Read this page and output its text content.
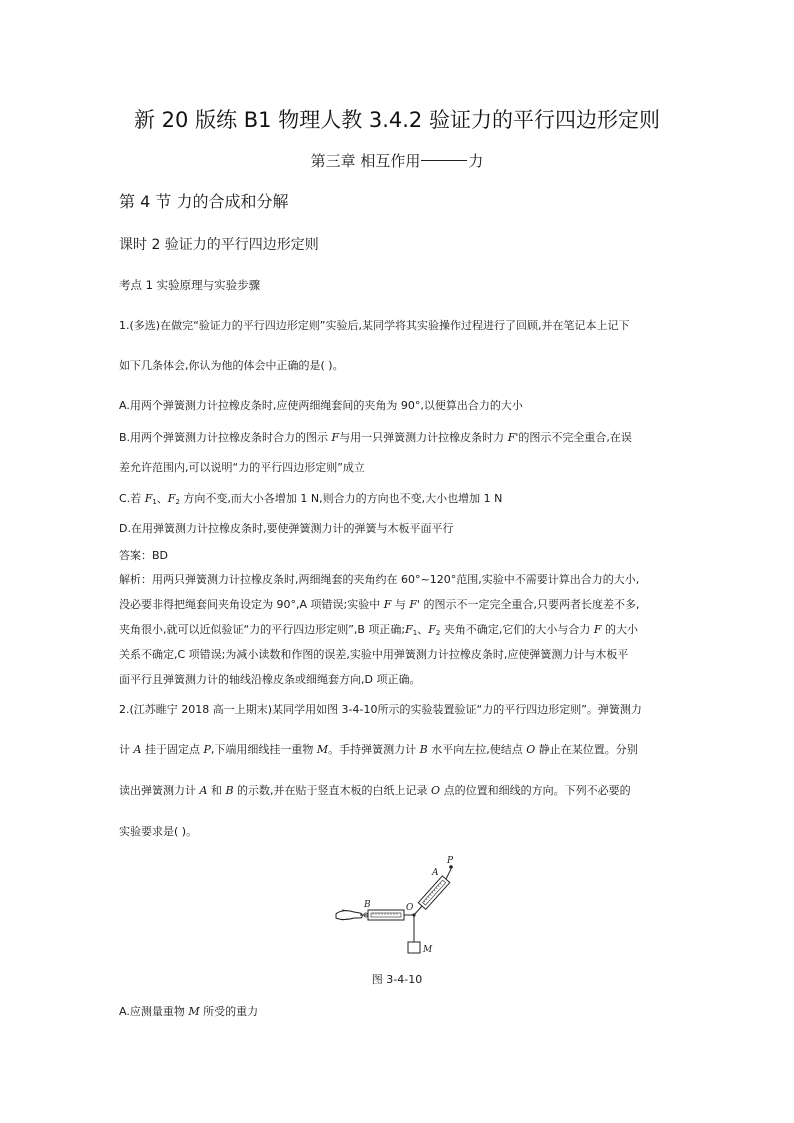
新 20 版练 B1 物理人教 3.4.2 验证力的平行四边形定则
第三章 相互作用	力
第 4 节 力的合成和分解
课时 2 验证力的平行四边形定则
考点 1 实验原理与实验步骤
1.(多选)在做完“验证力的平行四边形定则”实验后,某同学将其实验操作过程进行了回顾,并在笔记本上记下
如下几条体会,你认为他的体会中正确的是( )。
A.用两个弹簧测力计拉橡皮条时,应使两细绳套间的夹角为 90°,以便算出合力的大小
B.用两个弹簧测力计拉橡皮条时合力的图示 F与用一只弹簧测力计拉橡皮条时力 F'的图示不完全重合,在误
差允许范围内,可以说明“力的平行四边形定则”成立
C.若 $F_1$、$F_2$ 方向不变,而大小各增加 1 N,则合力的方向也不变,大小也增加 1 N
D.在用弹簧测力计拉橡皮条时,要使弹簧测力计的弹簧与木板平面平行
答案：BD
解析：用两只弹簧测力计拉橡皮条时,两细绳套的夹角约在 60°~120°范围,实验中不需要计算出合力的大小,
没必要非得把绳套间夹角设定为 90°,A 项错误;实验中 F 与 F' 的图示不一定完全重合,只要两者长度差不多,
夹角很小,就可以近似验证“力的平行四边形定则”,B 项正确$;F_1$、$F_2$ 夹角不确定,它们的大小与合力 F 的大小
关系不确定,C 项错误;为减小读数和作图的误差,实验中用弹簧测力计拉橡皮条时,应使弹簧测力计与木板平
面平行且弹簧测力计的轴线沿橡皮条或细绳套方向,D 项正确。
2.(江苏睢宁 2018 高一上期末)某同学用如图 3-4-10所示的实验装置验证“力的平行四边形定则”。弹簧测力
计 A 挂于固定点 P,下端用细线挂一重物 M。手持弹簧测力计 B 水平向左拉,使结点 O 静止在某位置。分别
读出弹簧测力计 A 和 B 的示数,并在贴于竖直木板的白纸上记录 O 点的位置和细线的方向。下列不必要的
实验要求是( )。
B	O
A
P
M
图 3-4-10
A.应测量重物 M 所受的重力
